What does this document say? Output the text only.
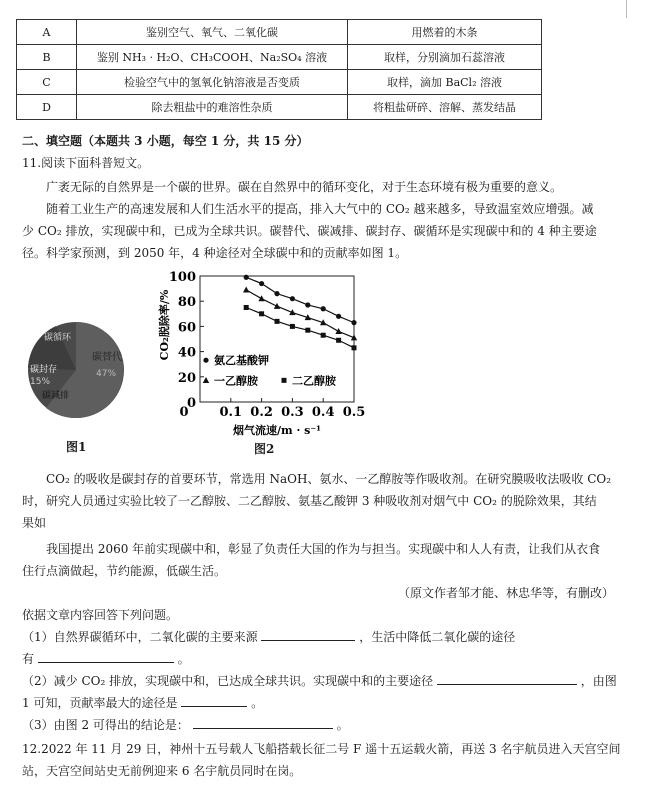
A	鉴别空气、氧气、二氧化碳	用燃着的木条
B	鉴别 NH₃ · H₂O、CH₃COOH、Na₂SO₄ 溶液	取样，分别滴加石蕊溶液
C	检验空气中的氢氧化钠溶液是否变质	取样，滴加 BaCl₂ 溶液
D	除去粗盐中的难溶性杂质	将粗盐研碎、溶解、蒸发结晶
二、填空题（本题共 3 小题，每空 1 分，共 15 分）
11.阅读下面科普短文。
广袤无际的自然界是一个碳的世界。碳在自然界中的循环变化，对于生态环境有极为重要的意义。
随着工业生产的高速发展和人们生活水平的提高，排入大气中的 CO₂ 越来越多，导致温室效应增强。减
少 CO₂ 排放，实现碳中和，已成为全球共识。碳替代、碳减排、碳封存、碳循环是实现碳中和的 4 种主要途
径。科学家预测，到 2050 年，4 种途径对全球碳中和的贡献率如图 1。
碳循环
碳替代
47%
碳封存
15%
碳减排
图1
0
20
40
60
80
100
0 0.1 0.2 0.3 0.4 0.5
烟气流速/m · s⁻¹
CO₂脱除率/%
氨乙基酸钾
一乙醇胺	二乙醇胺
图2
CO₂ 的吸收是碳封存的首要环节，常选用 NaOH、氨水、一乙醇胺等作吸收剂。在研究膜吸收法吸收 CO₂
时，研究人员通过实验比较了一乙醇胺、二乙醇胺、氨基乙酸钾 3 种吸收剂对烟气中 CO₂ 的脱除效果，其结
果如
我国提出 2060 年前实现碳中和，彰显了负责任大国的作为与担当。实现碳中和人人有责，让我们从衣食
住行点滴做起，节约能源，低碳生活。
（原文作者邹才能、林忠华等，有删改）
依据文章内容回答下列问题。
（1）自然界碳循环中，二氧化碳的主要来源	，生活中降低二氧化碳的途径
有	。
（2）减少 CO₂ 排放，实现碳中和，已达成全球共识。实现碳中和的主要途径	，由图
1 可知，贡献率最大的途径是	。
（3）由图 2 可得出的结论是：	。
12.2022 年 11 月 29 日，神州十五号载人飞船搭载长征二号 F 遥十五运载火箭，再送 3 名宇航员进入天宫空间
站，天宫空间站史无前例迎来 6 名宇航员同时在岗。
